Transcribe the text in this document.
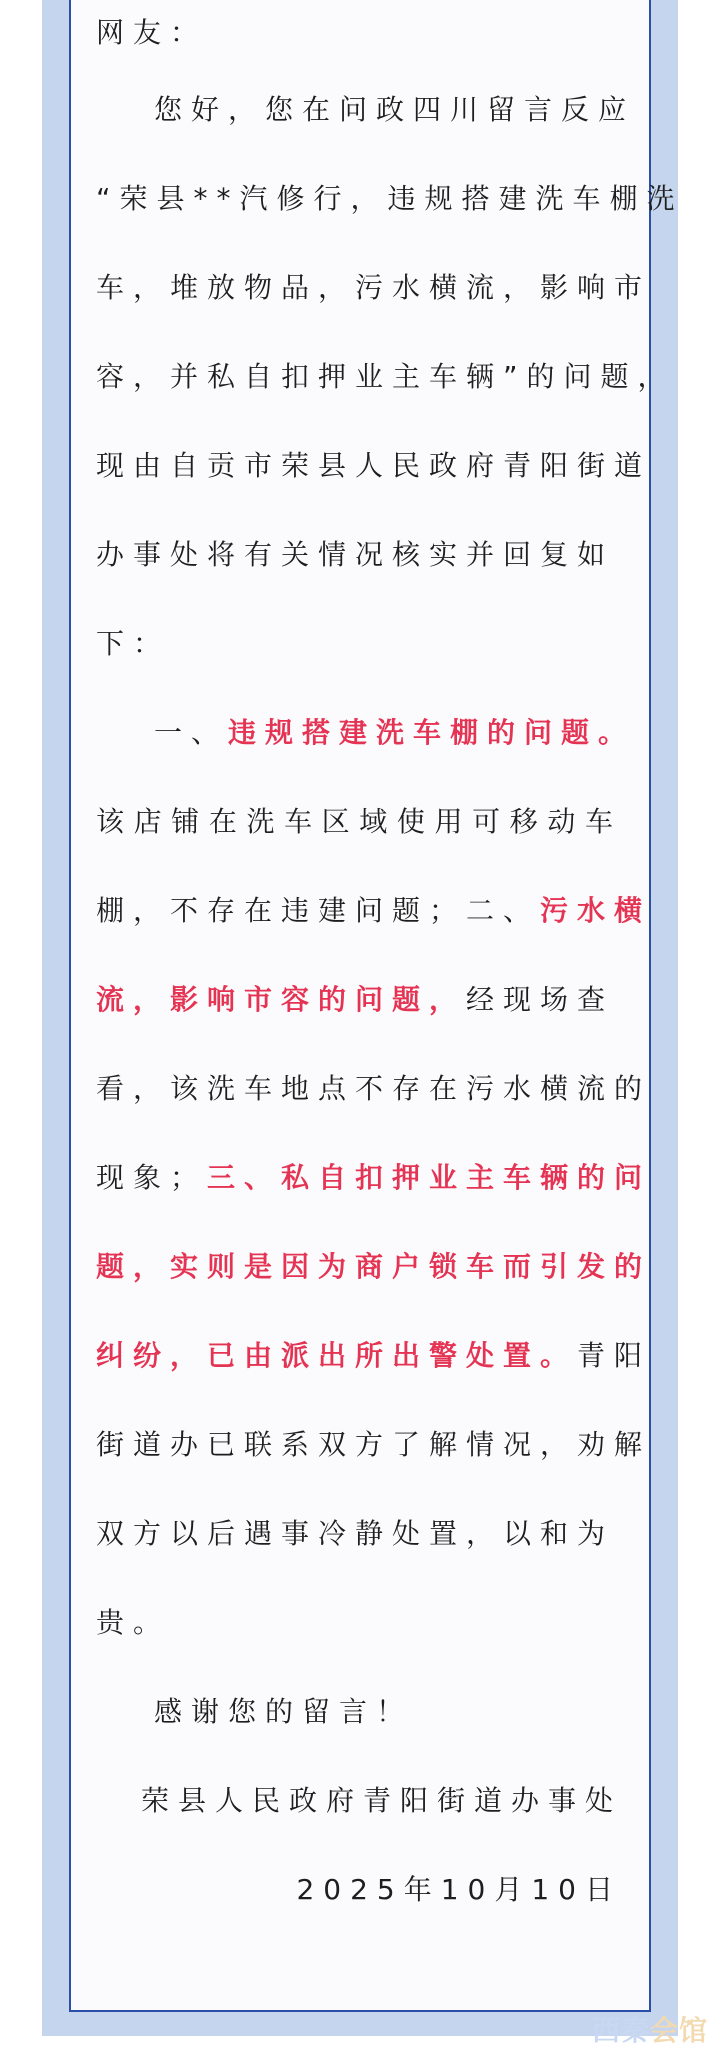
网友：
您好，您在问政四川留言反应
“荣县**汽修行，违规搭建洗车棚洗
车，堆放物品，污水横流，影响市
容，并私自扣押业主车辆”的问题，
现由自贡市荣县人民政府青阳街道
办事处将有关情况核实并回复如
下：
一、违规搭建洗车棚的问题。
该店铺在洗车区域使用可移动车
棚，不存在违建问题；二、污水横
流，影响市容的问题，经现场查
看，该洗车地点不存在污水横流的
现象；三、私自扣押业主车辆的问
题，实则是因为商户锁车而引发的
纠纷，已由派出所出警处置。青阳
街道办已联系双方了解情况，劝解
双方以后遇事冷静处置，以和为
贵。
感谢您的留言！
荣县人民政府青阳街道办事处
2025年10月10日
西秦会馆
